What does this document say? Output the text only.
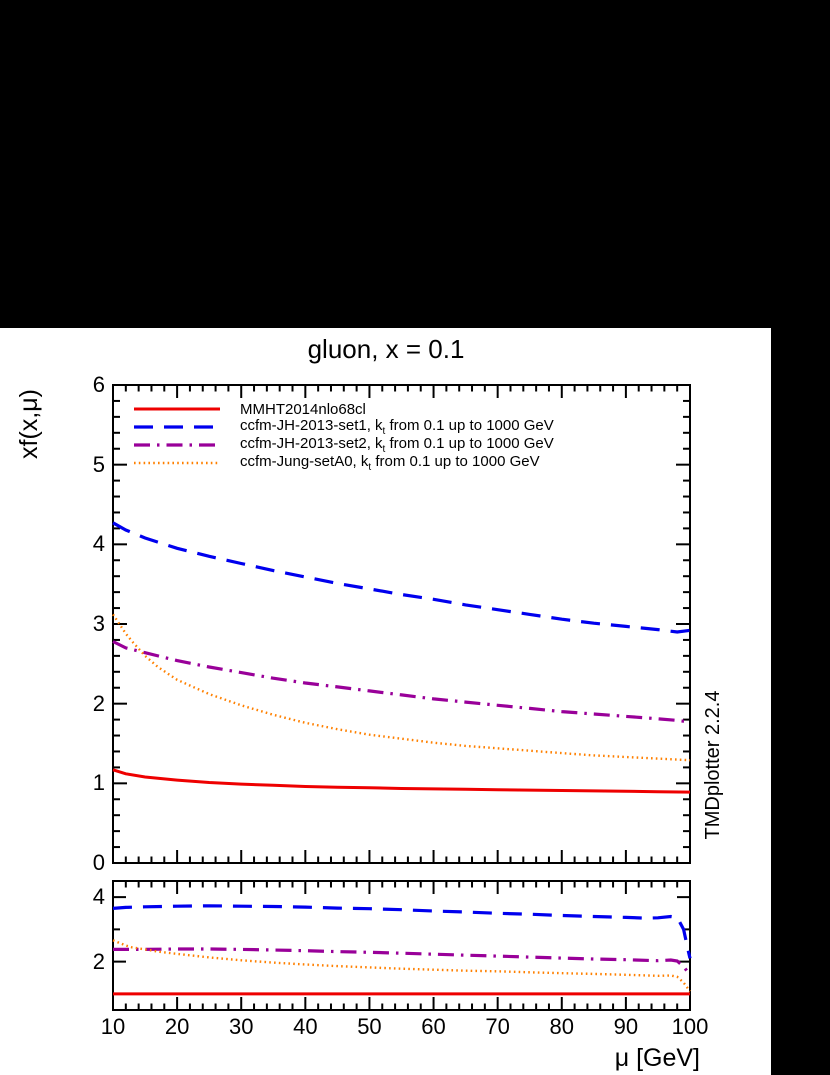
gluon, x = 0.1
xf(x,μ)
TMDplotter 2.2.4
μ [GeV]
MMHT2014nlo68cl
ccfm-JH-2013-set1, $k_t$ from 0.1 up to 1000 GeV
ccfm-JH-2013-set2, $k_t$ from 0.1 up to 1000 GeV
ccfm-Jung-setA0, $k_t$ from 0.1 up to 1000 GeV
0
1
2
3
4
5
6
2
4
10	20	30	40	50	60	70	80	90	100
